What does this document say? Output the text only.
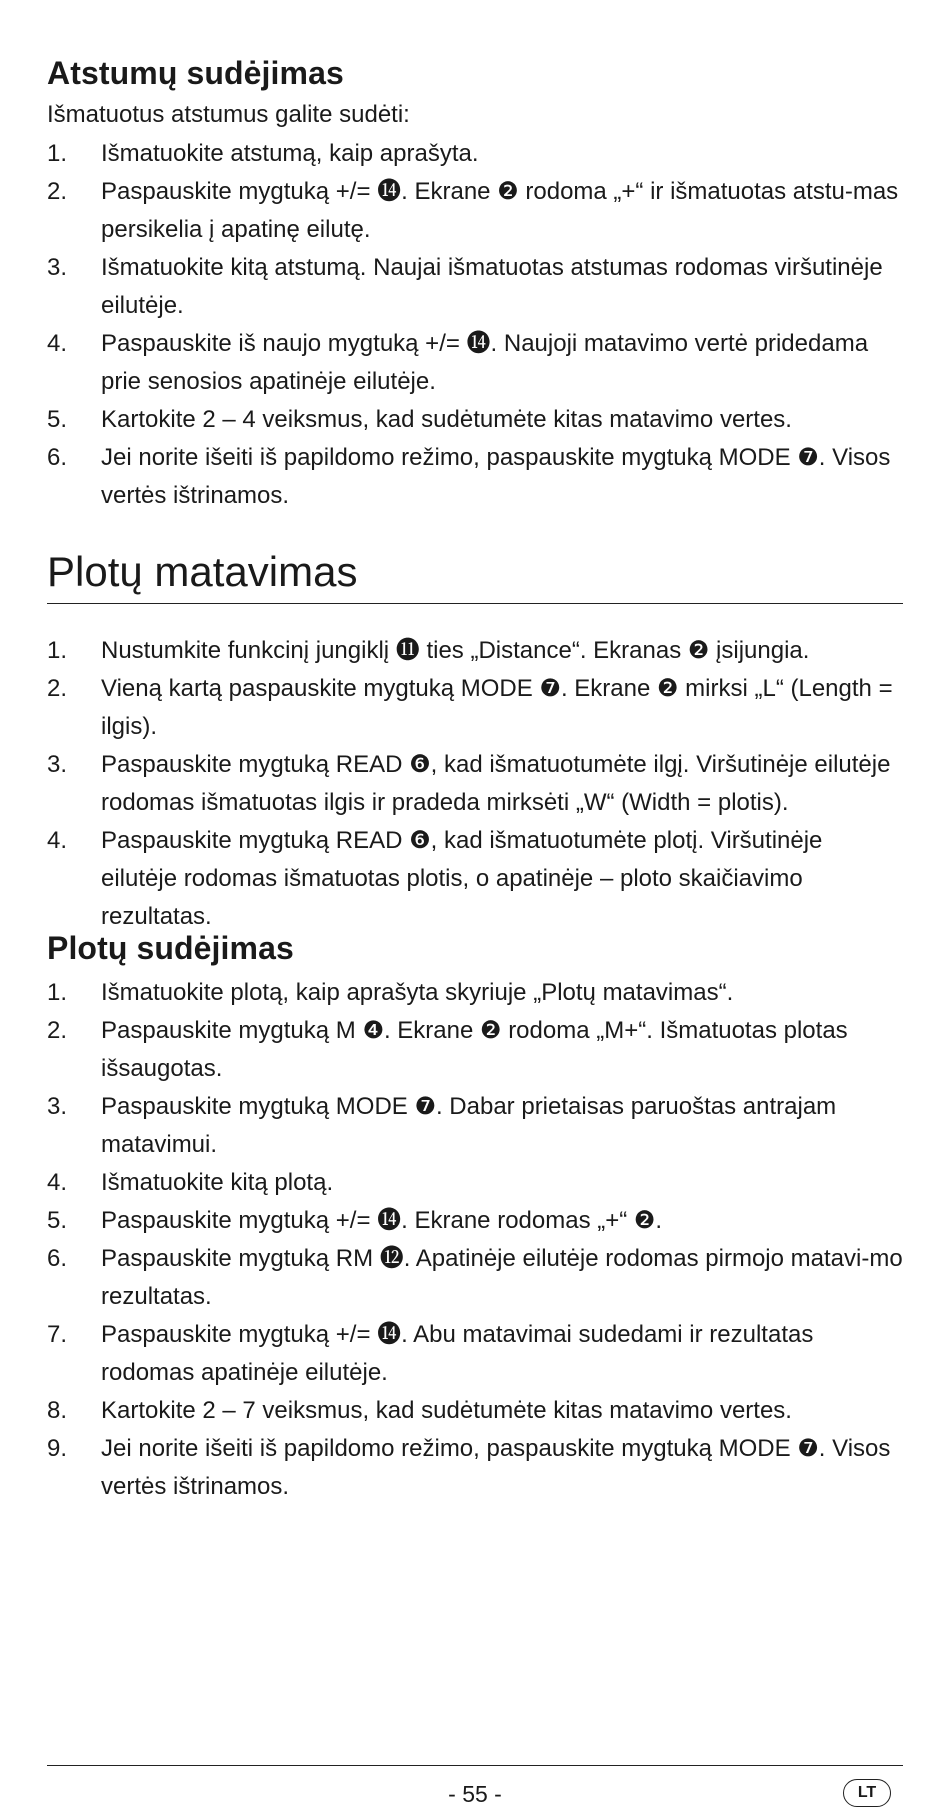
Atstumų sudėjimas

Išmatuotus atstumus galite sudėti:

1. Išmatuokite atstumą, kaip aprašyta.
2. Paspauskite mygtuką +/= ⓮. Ekrane ❷ rodoma „+“ ir išmatuotas atstu-mas persikelia į apatinę eilutę.
3. Išmatuokite kitą atstumą. Naujai išmatuotas atstumas rodomas viršutinėje eilutėje.
4. Paspauskite iš naujo mygtuką +/= ⓮. Naujoji matavimo vertė pridedama prie senosios apatinėje eilutėje.
5. Kartokite 2 – 4 veiksmus, kad sudėtumėte kitas matavimo vertes.
6. Jei norite išeiti iš papildomo režimo, paspauskite mygtuką MODE ❼. Visos vertės ištrinamos.
Plotų matavimas
1. Nustumkite funkcinį jungiklį ⓫ ties „Distance“. Ekranas ❷ įsijungia.
2. Vieną kartą paspauskite mygtuką MODE ❼. Ekrane ❷ mirksi „L“ (Length = ilgis).
3. Paspauskite mygtuką READ ❻, kad išmatuotumėte ilgį. Viršutinėje eilutėje rodomas išmatuotas ilgis ir pradeda mirksėti „W“ (Width = plotis).
4. Paspauskite mygtuką READ ❻, kad išmatuotumėte plotį. Viršutinėje eilutėje rodomas išmatuotas plotis, o apatinėje – ploto skaičiavimo rezultatas.
Plotų sudėjimas
1. Išmatuokite plotą, kaip aprašyta skyriuje „Plotų matavimas“.
2. Paspauskite mygtuką M ❹. Ekrane ❷ rodoma „M+“. Išmatuotas plotas išsaugotas.
3. Paspauskite mygtuką MODE ❼. Dabar prietaisas paruoštas antrajam matavimui.
4. Išmatuokite kitą plotą.
5. Paspauskite mygtuką +/= ⓮. Ekrane rodomas „+“ ❷.
6. Paspauskite mygtuką RM ⓬. Apatinėje eilutėje rodomas pirmojo matavi-mo rezultatas.
7. Paspauskite mygtuką +/= ⓮. Abu matavimai sudedami ir rezultatas rodomas apatinėje eilutėje.
8. Kartokite 2 – 7 veiksmus, kad sudėtumėte kitas matavimo vertes.
9. Jei norite išeiti iš papildomo režimo, paspauskite mygtuką MODE ❼. Visos vertės ištrinamos.
- 55 -	LT
